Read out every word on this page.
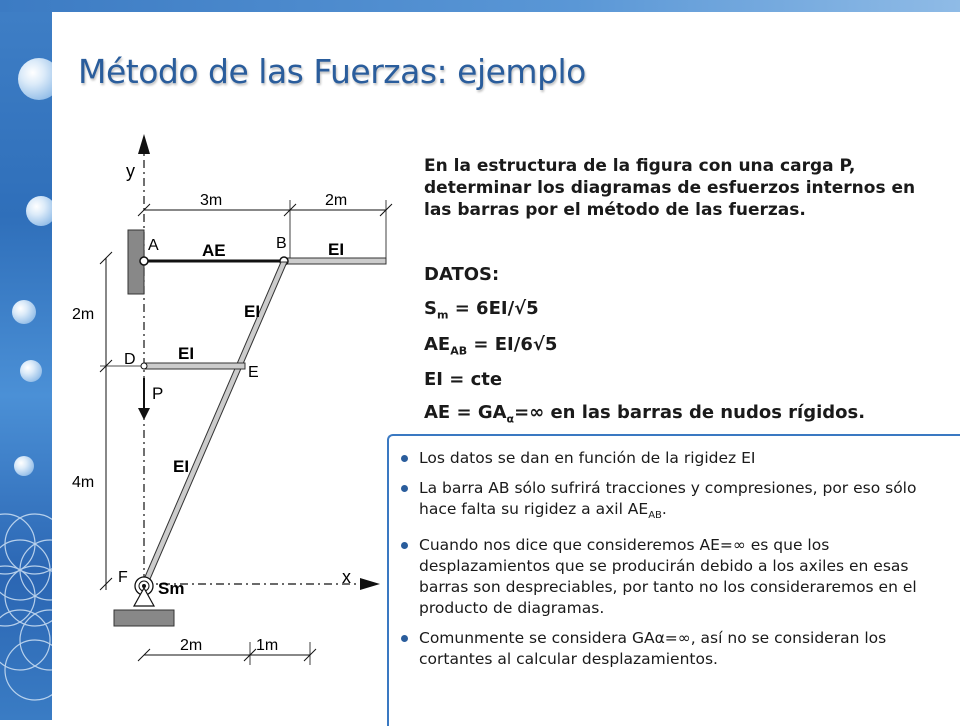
Método de las Fuerzas: ejemplo
y
x
3m	2m
2m
4m
2m	1m
A	AE	B EI
EI
E
EI
D EI
P
F
Sm
En la estructura de la figura con una carga P, determinar los diagramas de esfuerzos internos en las barras por el método de las fuerzas.
DATOS:
$S_m = 6EI/√5$
$AE_{AB} = EI/6√5$
EI = cte
AE = $GA_\alpha=\infty$ en las barras de nudos rígidos.
Los datos se dan en función de la rigidez EI
La barra AB sólo sufrirá tracciones y compresiones, por eso sólo hace falta su rigidez a axil $AE_{AB}$.
Cuando nos dice que consideremos AE=∞ es que los desplazamientos que se producirán debido a los axiles en esas barras son despreciables, por tanto no los consideraremos en el producto de diagramas.
Comunmente se considera GAα=∞, así no se consideran los cortantes al calcular desplazamientos.
